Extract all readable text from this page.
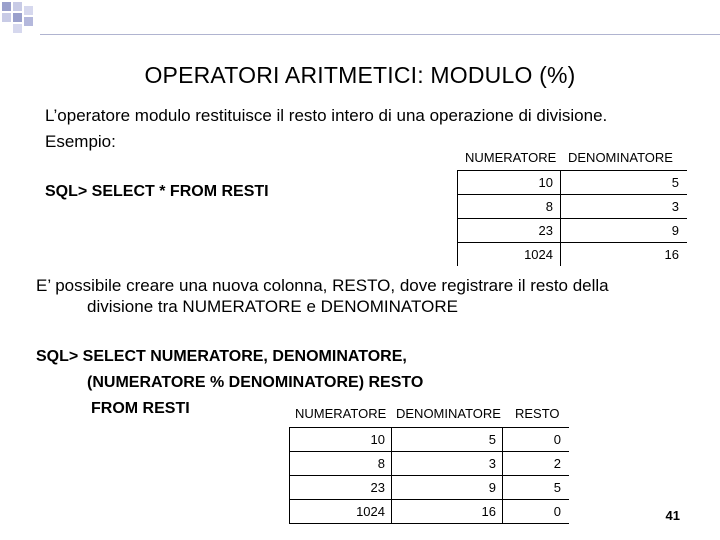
OPERATORI ARITMETICI: MODULO (%)
L’operatore modulo restituisce il resto intero di una operazione di divisione.
Esempio:
SQL> SELECT * FROM RESTI
NUMERATORE DENOMINATORE
10	5
8	3
23	9
1024	16
E’ possibile creare una nuova colonna, RESTO, dove registrare il resto della
divisione tra NUMERATORE e DENOMINATORE
SQL> SELECT NUMERATORE, DENOMINATORE,
(NUMERATORE % DENOMINATORE) RESTO
FROM RESTI	NUMERATORE DENOMINATORE RESTO
10	5	0
8	3	2
23	9	5
1024	16	0	41
